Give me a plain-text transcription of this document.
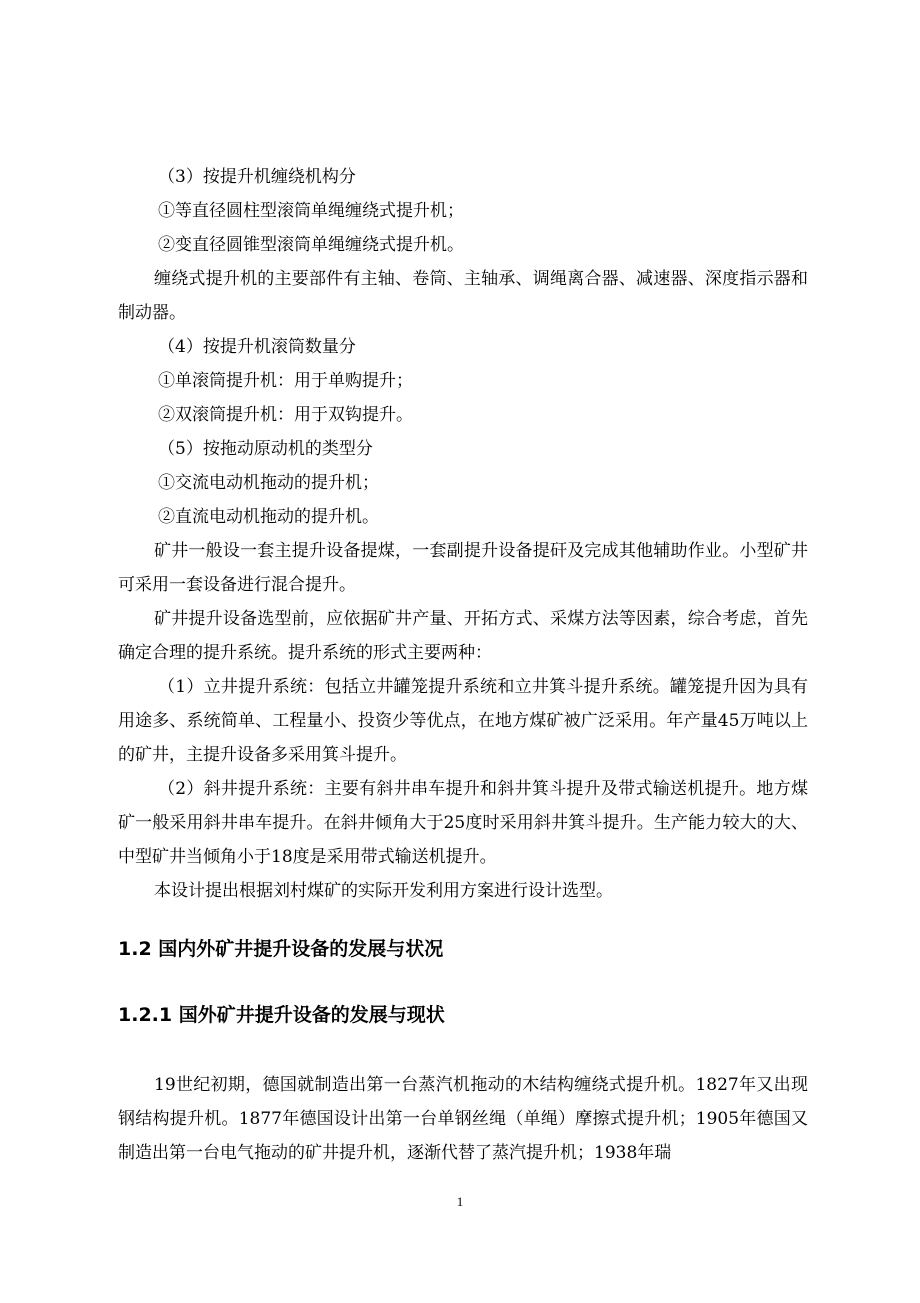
（3）按提升机缠绕机构分
①等直径圆柱型滚筒单绳缠绕式提升机；
②变直径圆锥型滚筒单绳缠绕式提升机。

缠绕式提升机的主要部件有主轴、卷筒、主轴承、调绳离合器、减速器、深度指示器和制动器。

（4）按提升机滚筒数量分
①单滚筒提升机：用于单购提升；
②双滚筒提升机：用于双钩提升。
（5）按拖动原动机的类型分
①交流电动机拖动的提升机；
②直流电动机拖动的提升机。

矿井一般设一套主提升设备提煤，一套副提升设备提矸及完成其他辅助作业。小型矿井可采用一套设备进行混合提升。

矿井提升设备选型前，应依据矿井产量、开拓方式、采煤方法等因素，综合考虑，首先确定合理的提升系统。提升系统的形式主要两种：

（1）立井提升系统：包括立井罐笼提升系统和立井箕斗提升系统。罐笼提升因为具有用途多、系统简单、工程量小、投资少等优点，在地方煤矿被广泛采用。年产量45万吨以上的矿井，主提升设备多采用箕斗提升。

（2）斜井提升系统：主要有斜井串车提升和斜井箕斗提升及带式输送机提升。地方煤矿一般采用斜井串车提升。在斜井倾角大于25度时采用斜井箕斗提升。生产能力较大的大、中型矿井当倾角小于18度是采用带式输送机提升。

本设计提出根据刘村煤矿的实际开发利用方案进行设计选型。

1.2 国内外矿井提升设备的发展与状况
1.2.1 国外矿井提升设备的发展与现状

19世纪初期，德国就制造出第一台蒸汽机拖动的木结构缠绕式提升机。1827年又出现钢结构提升机。1877年德国设计出第一台单钢丝绳（单绳）摩擦式提升机；1905年德国又制造出第一台电气拖动的矿井提升机，逐渐代替了蒸汽提升机；1938年瑞

1
